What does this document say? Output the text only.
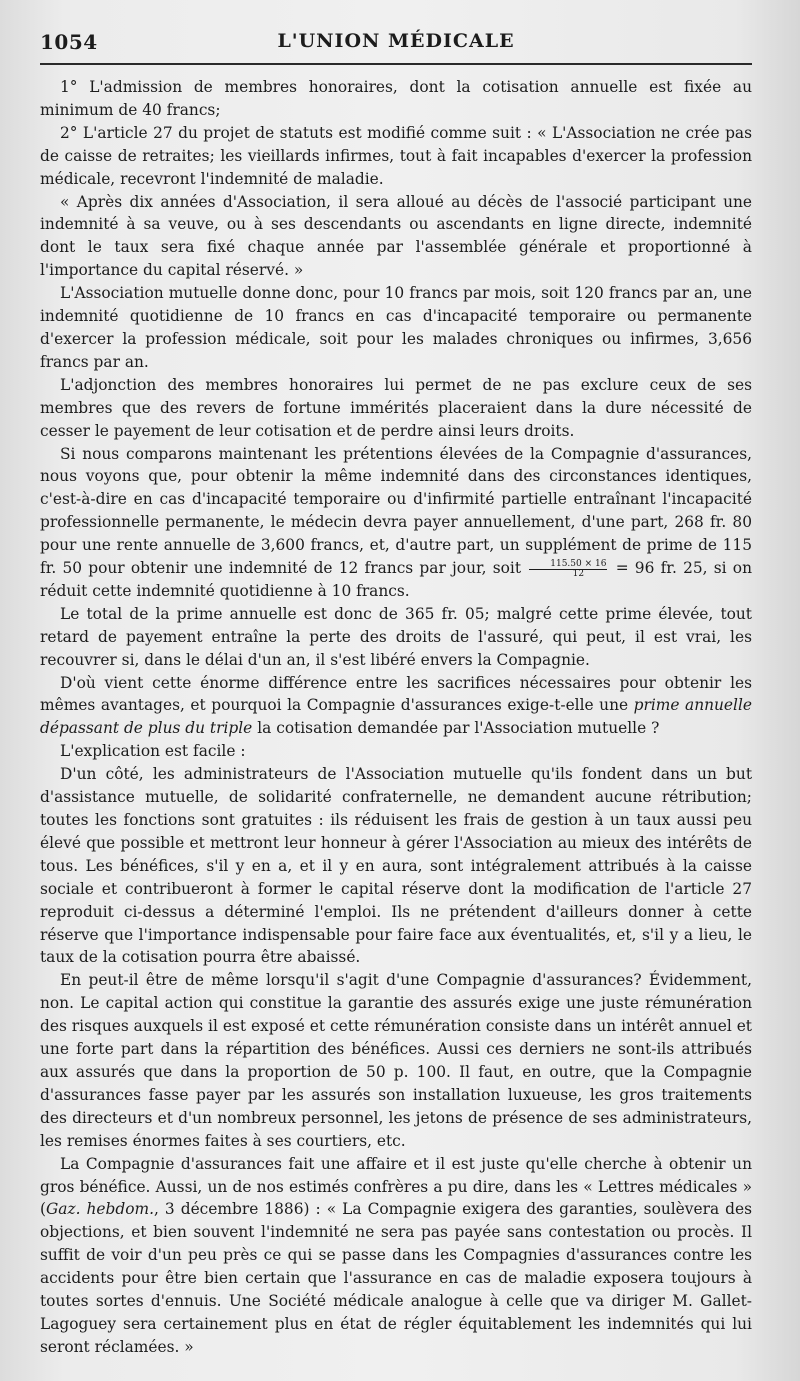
1054	L'UNION MÉDICALE

1° L'admission de membres honoraires, dont la cotisation annuelle est fixée au minimum de 40 francs;

2° L'article 27 du projet de statuts est modifié comme suit : « L'Association ne crée pas de caisse de retraites; les vieillards infirmes, tout à fait incapables d'exercer la profession médicale, recevront l'indemnité de maladie.

« Après dix années d'Association, il sera alloué au décès de l'associé participant une indemnité à sa veuve, ou à ses descendants ou ascendants en ligne directe, indemnité dont le taux sera fixé chaque année par l'assemblée générale et proportionné à l'importance du capital réservé. »

L'Association mutuelle donne donc, pour 10 francs par mois, soit 120 francs par an, une indemnité quotidienne de 10 francs en cas d'incapacité temporaire ou permanente d'exercer la profession médicale, soit pour les malades chroniques ou infirmes, 3,656 francs par an.

L'adjonction des membres honoraires lui permet de ne pas exclure ceux de ses membres que des revers de fortune immérités placeraient dans la dure nécessité de cesser le payement de leur cotisation et de perdre ainsi leurs droits.

Si nous comparons maintenant les prétentions élevées de la Compagnie d'assurances, nous voyons que, pour obtenir la même indemnité dans des circonstances identiques, c'est-à-dire en cas d'incapacité temporaire ou d'infirmité partielle entraînant l'incapacité professionnelle permanente, le médecin devra payer annuellement, d'une part, 268 fr. 80 pour une rente annuelle de 3,600 francs, et, d'autre part, un supplément de prime de 115 fr. 50 pour obtenir une indemnité de 12 francs par jour, soit $\frac{115.50 \times 16}{12} = 96$ fr. 25, si on réduit cette indemnité quotidienne à 10 francs.

Le total de la prime annuelle est donc de 365 fr. 05; malgré cette prime élevée, tout retard de payement entraîne la perte des droits de l'assuré, qui peut, il est vrai, les recouvrer si, dans le délai d'un an, il s'est libéré envers la Compagnie.

D'où vient cette énorme différence entre les sacrifices nécessaires pour obtenir les mêmes avantages, et pourquoi la Compagnie d'assurances exige-t-elle une prime annuelle dépassant de plus du triple la cotisation demandée par l'Association mutuelle ?

L'explication est facile :

D'un côté, les administrateurs de l'Association mutuelle qu'ils fondent dans un but d'assistance mutuelle, de solidarité confraternelle, ne demandent aucune rétribution; toutes les fonctions sont gratuites : ils réduisent les frais de gestion à un taux aussi peu élevé que possible et mettront leur honneur à gérer l'Association au mieux des intérêts de tous. Les bénéfices, s'il y en a, et il y en aura, sont intégralement attribués à la caisse sociale et contribueront à former le capital réserve dont la modification de l'article 27 reproduit ci-dessus a déterminé l'emploi. Ils ne prétendent d'ailleurs donner à cette réserve que l'importance indispensable pour faire face aux éventualités, et, s'il y a lieu, le taux de la cotisation pourra être abaissé.

En peut-il être de même lorsqu'il s'agit d'une Compagnie d'assurances? Évidemment, non. Le capital action qui constitue la garantie des assurés exige une juste rémunération des risques auxquels il est exposé et cette rémunération consiste dans un intérêt annuel et une forte part dans la répartition des bénéfices. Aussi ces derniers ne sont-ils attribués aux assurés que dans la proportion de 50 p. 100. Il faut, en outre, que la Compagnie d'assurances fasse payer par les assurés son installation luxueuse, les gros traitements des directeurs et d'un nombreux personnel, les jetons de présence de ses administrateurs, les remises énormes faites à ses courtiers, etc.

La Compagnie d'assurances fait une affaire et il est juste qu'elle cherche à obtenir un gros bénéfice. Aussi, un de nos estimés confrères a pu dire, dans les « Lettres médicales » (Gaz. hebdom., 3 décembre 1886) : « La Compagnie exigera des garanties, soulèvera des objections, et bien souvent l'indemnité ne sera pas payée sans contestation ou procès. Il suffit de voir d'un peu près ce qui se passe dans les Compagnies d'assurances contre les accidents pour être bien certain que l'assurance en cas de maladie exposera toujours à toutes sortes d'ennuis. Une Société médicale analogue à celle que va diriger M. Gallet-Lagoguey sera certainement plus en état de régler équitablement les indemnités qui lui seront réclamées. »
